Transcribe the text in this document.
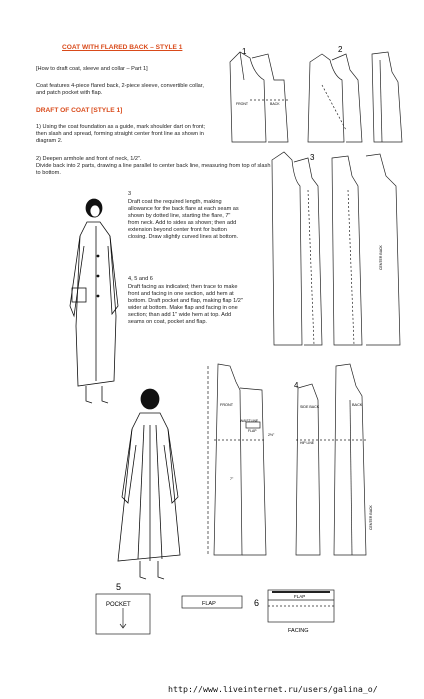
COAT WITH FLARED BACK – STYLE 1
[How to draft coat, sleeve and collar – Part 1]
Coat features 4-piece flared back, 2-piece sleeve, convertible collar, and patch pocket with flap.
DRAFT OF COAT [STYLE 1]
1) Using the coat foundation as a guide, mark shoulder dart on front; then slash and spread, forming straight center front line as shown in diagram 2.
2) Deepen armhole and front of neck, 1/2".
Divide back into 2 parts, drawing a line parallel to center back line, measuring from top of slash to bottom.
3
Draft coat the required length, making allowance for the back flare at each seam as shown by dotted line, starting the flare, 7" from neck. Add to sides as shown; then add extension beyond center front for button closing. Draw slightly curved lines at bottom.
4, 5 and 6
Draft facing as indicated; then trace to make front and facing in one section, add hem at bottom. Draft pocket and flap, making flap 1/2" wider at bottom. Make flap and facing in one section; than add 1" wide hem at top. Add seams on coat, pocket and flap.
1	2
FRONT	BACK
3
CENTER BACK
4
FRONT	SIDE BACK	BACK
WAISTLINE
FLAP
2½"
HIP LINE
CENTER BACK
7"
5
POCKET	FLAP	6
FLAP
FACING
http://www.liveinternet.ru/users/galina_o/
